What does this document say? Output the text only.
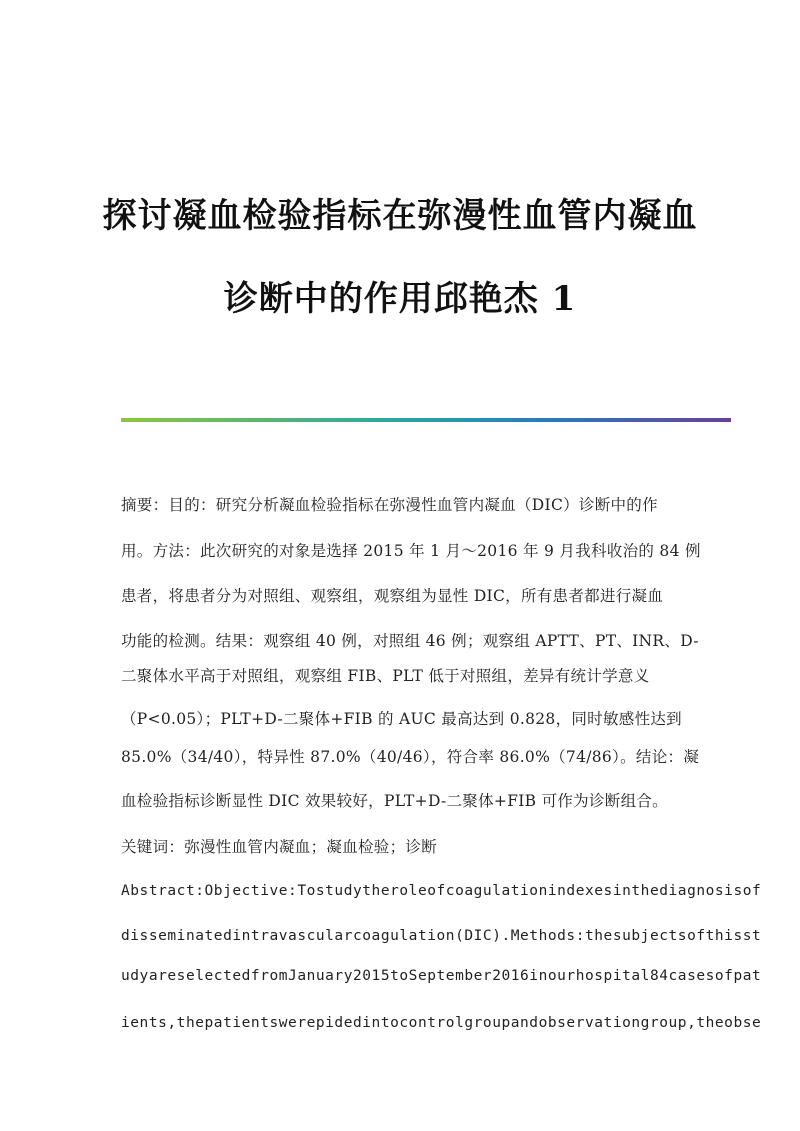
探讨凝血检验指标在弥漫性血管内凝血
诊断中的作用邱艳杰 1
摘要：目的：研究分析凝血检验指标在弥漫性血管内凝血（DIC）诊断中的作
用。方法：此次研究的对象是选择 2015 年 1 月～2016 年 9 月我科收治的 84 例
患者，将患者分为对照组、观察组，观察组为显性 DIC，所有患者都进行凝血
功能的检测。结果：观察组 40 例，对照组 46 例；观察组 APTT、PT、INR、D-
二聚体水平高于对照组，观察组 FIB、PLT 低于对照组，差异有统计学意义
（P<0.05）；PLT+D-二聚体+FIB 的 AUC 最高达到 0.828，同时敏感性达到
85.0%（34/40），特异性 87.0%（40/46），符合率 86.0%（74/86）。结论：凝
血检验指标诊断显性 DIC 效果较好，PLT+D-二聚体+FIB 可作为诊断组合。
关键词：弥漫性血管内凝血；凝血检验；诊断
Abstract:Objective:Tostudytheroleofcoagulationindexesinthediagnosisof
disseminatedintravascularcoagulation(DIC).Methods:thesubjectsofthisst
udyareselectedfromJanuary2015toSeptember2016inourhospital84casesofpat
ients,thepatientswerepidedintocontrolgroupandobservationgroup,theobse
